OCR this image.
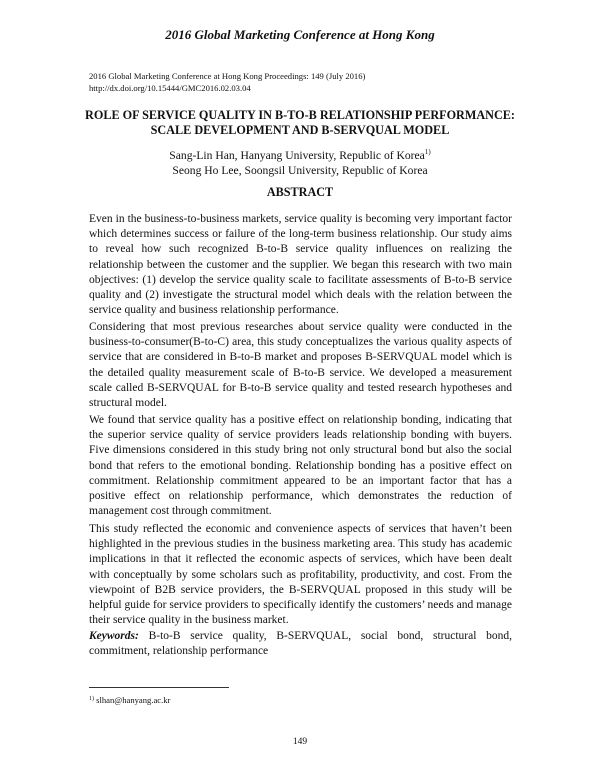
2016 Global Marketing Conference at Hong Kong
2016 Global Marketing Conference at Hong Kong Proceedings: 149 (July 2016)
http://dx.doi.org/10.15444/GMC2016.02.03.04
ROLE OF SERVICE QUALITY IN B-TO-B RELATIONSHIP PERFORMANCE:
SCALE DEVELOPMENT AND B-SERVQUAL MODEL
Sang-Lin Han, Hanyang University, Republic of Korea$^{1)}$
Seong Ho Lee, Soongsil University, Republic of Korea
ABSTRACT

Even in the business-to-business markets, service quality is becoming very important factor which determines success or failure of the long-term business relationship. Our study aims to reveal how such recognized B-to-B service quality influences on realizing the relationship between the customer and the supplier. We began this research with two main objectives: (1) develop the service quality scale to facilitate assessments of B-to-B service quality and (2) investigate the structural model which deals with the relation between the service quality and business relationship performance.

Considering that most previous researches about service quality were conducted in the business-to-consumer(B-to-C) area, this study conceptualizes the various quality aspects of service that are considered in B-to-B market and proposes B-SERVQUAL model which is the detailed quality measurement scale of B-to-B service. We developed a measurement scale called B-SERVQUAL for B-to-B service quality and tested research hypotheses and structural model.

We found that service quality has a positive effect on relationship bonding, indicating that the superior service quality of service providers leads relationship bonding with buyers. Five dimensions considered in this study bring not only structural bond but also the social bond that refers to the emotional bonding. Relationship bonding has a positive effect on commitment. Relationship commitment appeared to be an important factor that has a positive effect on relationship performance, which demonstrates the reduction of management cost through commitment.

This study reflected the economic and convenience aspects of services that haven’t been highlighted in the previous studies in the business marketing area. This study has academic implications in that it reflected the economic aspects of services, which have been dealt with conceptually by some scholars such as profitability, productivity, and cost. From the viewpoint of B2B service providers, the B-SERVQUAL proposed in this study will be helpful guide for service providers to specifically identify the customers’ needs and manage their service quality in the business market.

Keywords: B-to-B service quality, B-SERVQUAL, social bond, structural bond, commitment, relationship performance

$^{1)}$ slhan@hanyang.ac.kr
149
